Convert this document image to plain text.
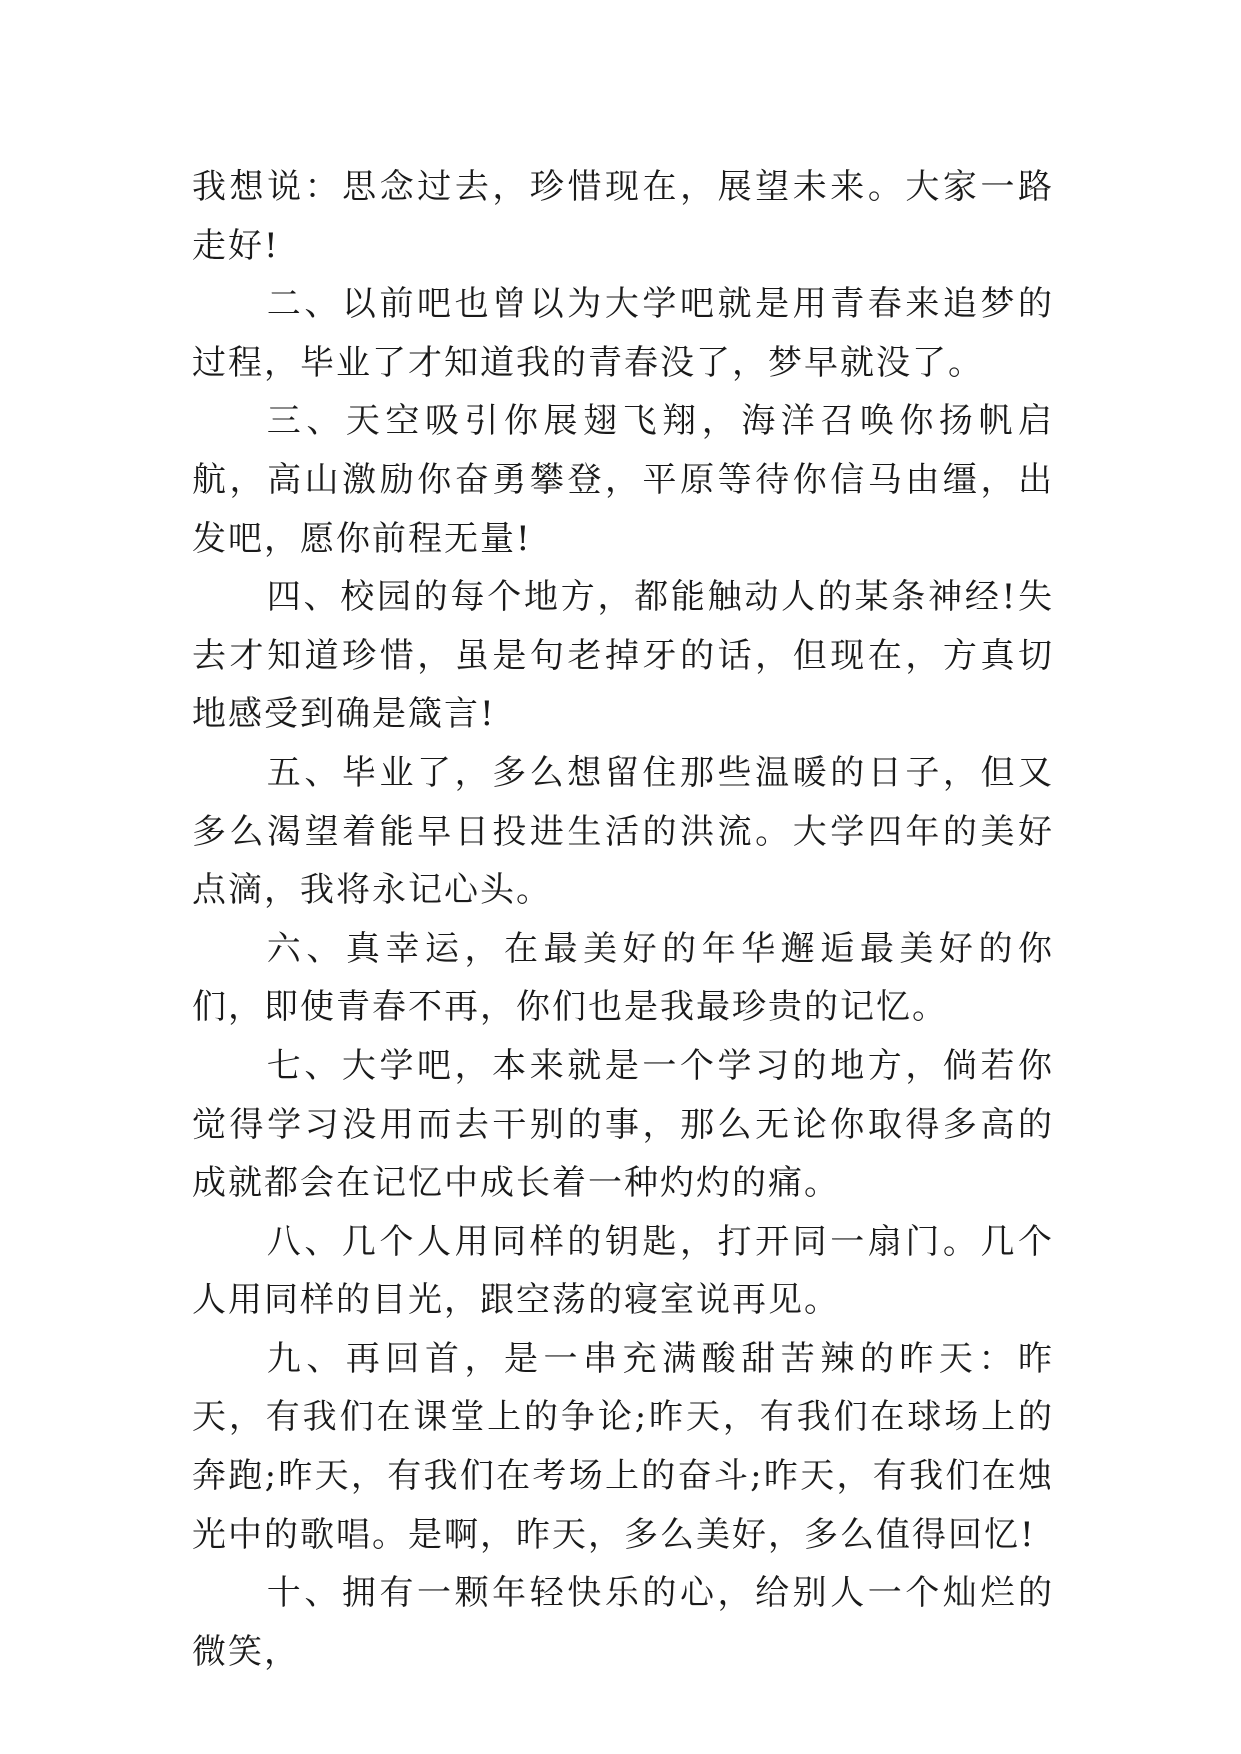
我想说：思念过去，珍惜现在，展望未来。大家一路走好!

二、以前吧也曾以为大学吧就是用青春来追梦的过程，毕业了才知道我的青春没了，梦早就没了。

三、天空吸引你展翅飞翔，海洋召唤你扬帆启航，高山激励你奋勇攀登，平原等待你信马由缰，出发吧，愿你前程无量!

四、校园的每个地方，都能触动人的某条神经!失去才知道珍惜，虽是句老掉牙的话，但现在，方真切地感受到确是箴言!

五、毕业了，多么想留住那些温暖的日子，但又多么渴望着能早日投进生活的洪流。大学四年的美好点滴，我将永记心头。

六、真幸运，在最美好的年华邂逅最美好的你们，即使青春不再，你们也是我最珍贵的记忆。

七、大学吧，本来就是一个学习的地方，倘若你觉得学习没用而去干别的事，那么无论你取得多高的成就都会在记忆中成长着一种灼灼的痛。

八、几个人用同样的钥匙，打开同一扇门。几个人用同样的目光，跟空荡的寝室说再见。

九、再回首，是一串充满酸甜苦辣的昨天：昨天，有我们在课堂上的争论;昨天，有我们在球场上的奔跑;昨天，有我们在考场上的奋斗;昨天，有我们在烛光中的歌唱。是啊，昨天，多么美好，多么值得回忆!

十、拥有一颗年轻快乐的心，给别人一个灿烂的微笑，
